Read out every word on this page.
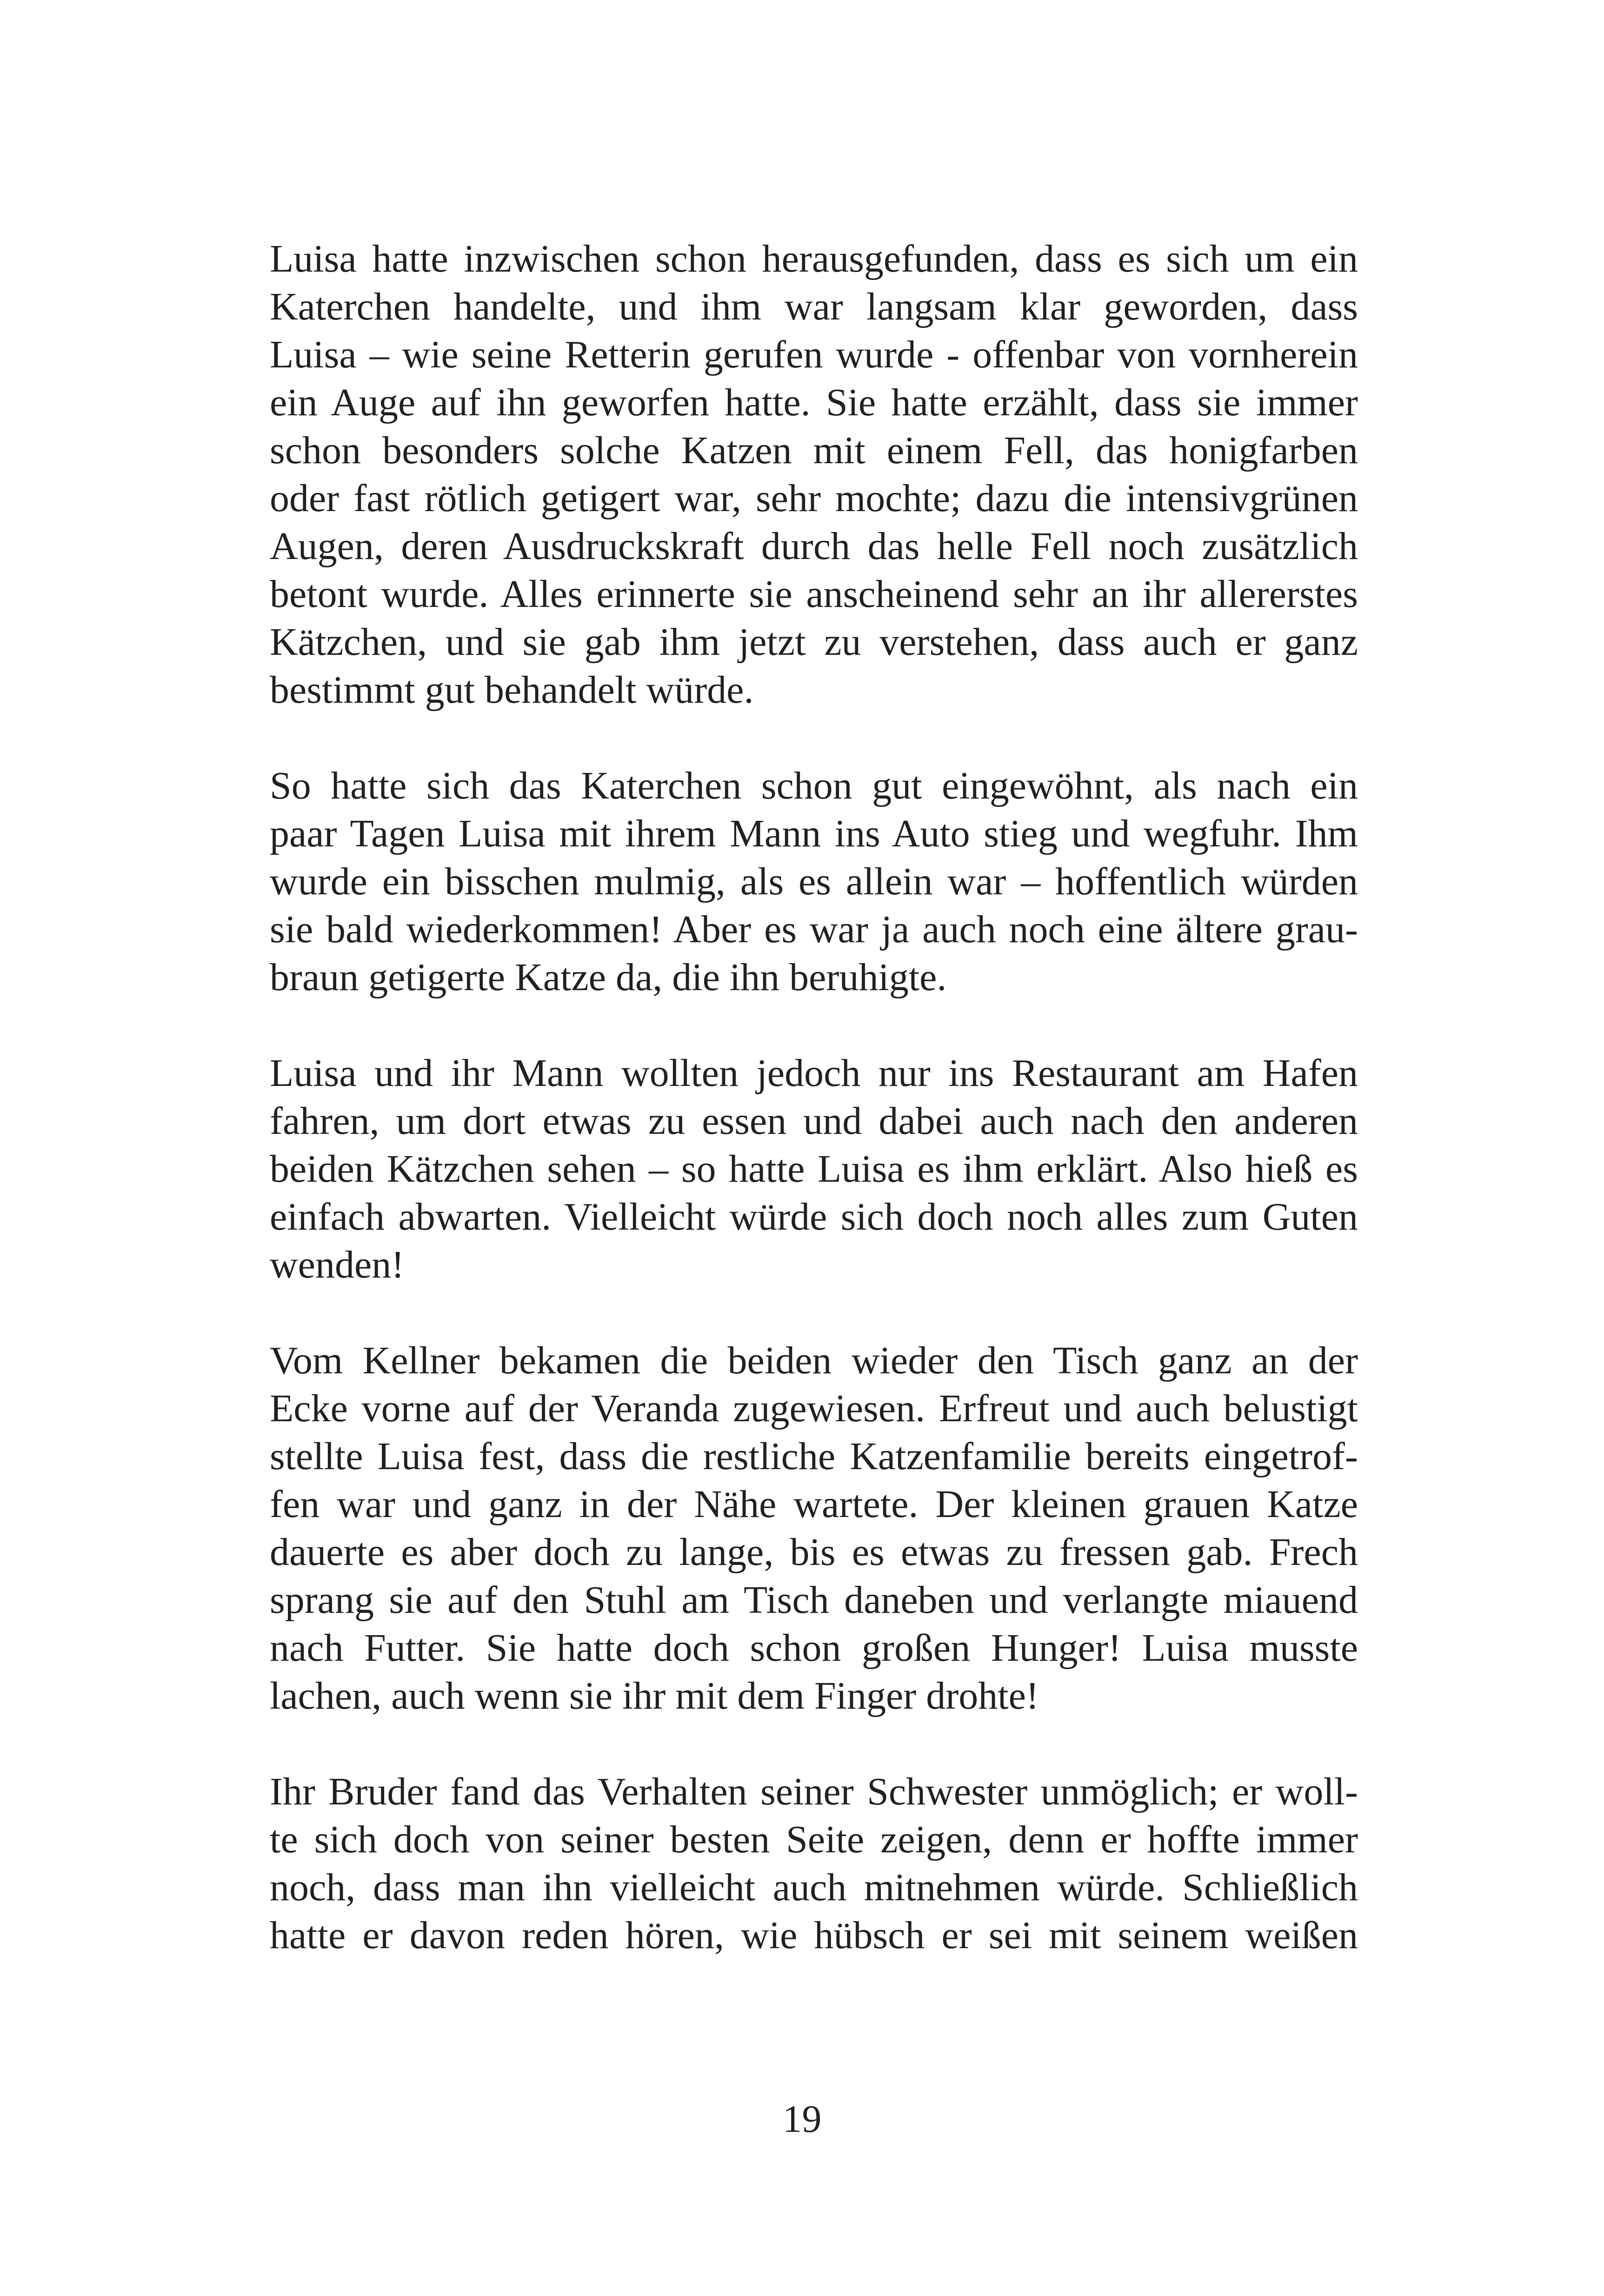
Luisa hatte inzwischen schon herausgefunden, dass es sich um ein
Katerchen handelte, und ihm war langsam klar geworden, dass
Luisa – wie seine Retterin gerufen wurde - offenbar von vornherein
ein Auge auf ihn geworfen hatte. Sie hatte erzählt, dass sie immer
schon besonders solche Katzen mit einem Fell, das honigfarben
oder fast rötlich getigert war, sehr mochte; dazu die intensivgrünen
Augen, deren Ausdruckskraft durch das helle Fell noch zusätzlich
betont wurde. Alles erinnerte sie anscheinend sehr an ihr allererstes
Kätzchen, und sie gab ihm jetzt zu verstehen, dass auch er ganz
bestimmt gut behandelt würde.
So hatte sich das Katerchen schon gut eingewöhnt, als nach ein
paar Tagen Luisa mit ihrem Mann ins Auto stieg und wegfuhr. Ihm
wurde ein bisschen mulmig, als es allein war – hoffentlich würden
sie bald wiederkommen! Aber es war ja auch noch eine ältere grau-
braun getigerte Katze da, die ihn beruhigte.
Luisa und ihr Mann wollten jedoch nur ins Restaurant am Hafen
fahren, um dort etwas zu essen und dabei auch nach den anderen
beiden Kätzchen sehen – so hatte Luisa es ihm erklärt. Also hieß es
einfach abwarten. Vielleicht würde sich doch noch alles zum Guten
wenden!
Vom Kellner bekamen die beiden wieder den Tisch ganz an der
Ecke vorne auf der Veranda zugewiesen. Erfreut und auch belustigt
stellte Luisa fest, dass die restliche Katzenfamilie bereits eingetrof-
fen war und ganz in der Nähe wartete. Der kleinen grauen Katze
dauerte es aber doch zu lange, bis es etwas zu fressen gab. Frech
sprang sie auf den Stuhl am Tisch daneben und verlangte miauend
nach Futter. Sie hatte doch schon großen Hunger! Luisa musste
lachen, auch wenn sie ihr mit dem Finger drohte!
Ihr Bruder fand das Verhalten seiner Schwester unmöglich; er woll-
te sich doch von seiner besten Seite zeigen, denn er hoffte immer
noch, dass man ihn vielleicht auch mitnehmen würde. Schließlich
hatte er davon reden hören, wie hübsch er sei mit seinem weißen
19
